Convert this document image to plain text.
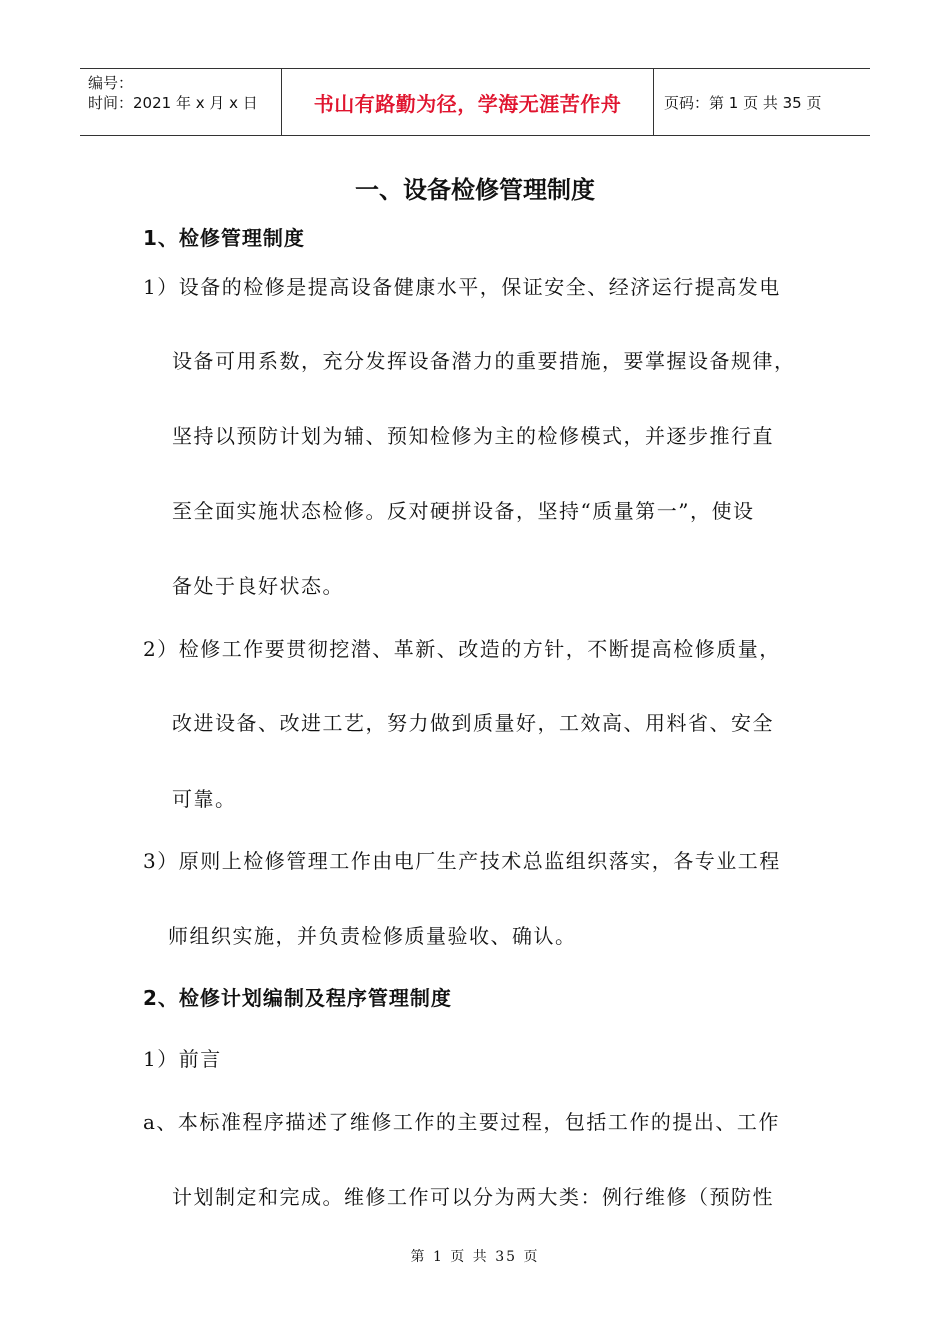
编号：
时间：2021 年 x 月 x 日	书山有路勤为径，学海无涯苦作舟	页码：第 1 页 共 35 页
一、设备检修管理制度
1、检修管理制度
1）设备的检修是提高设备健康水平，保证安全、经济运行提高发电
设备可用系数，充分发挥设备潜力的重要措施，要掌握设备规律，
坚持以预防计划为辅、预知检修为主的检修模式，并逐步推行直
至全面实施状态检修。反对硬拼设备，坚持“质量第一”，使设
备处于良好状态。
2）检修工作要贯彻挖潜、革新、改造的方针，不断提高检修质量，
改进设备、改进工艺，努力做到质量好，工效高、用料省、安全
可靠。
3）原则上检修管理工作由电厂生产技术总监组织落实，各专业工程
师组织实施，并负责检修质量验收、确认。
2、检修计划编制及程序管理制度
1）前言
a、本标准程序描述了维修工作的主要过程，包括工作的提出、工作
计划制定和完成。维修工作可以分为两大类：例行维修（预防性
第 1 页 共 35 页
